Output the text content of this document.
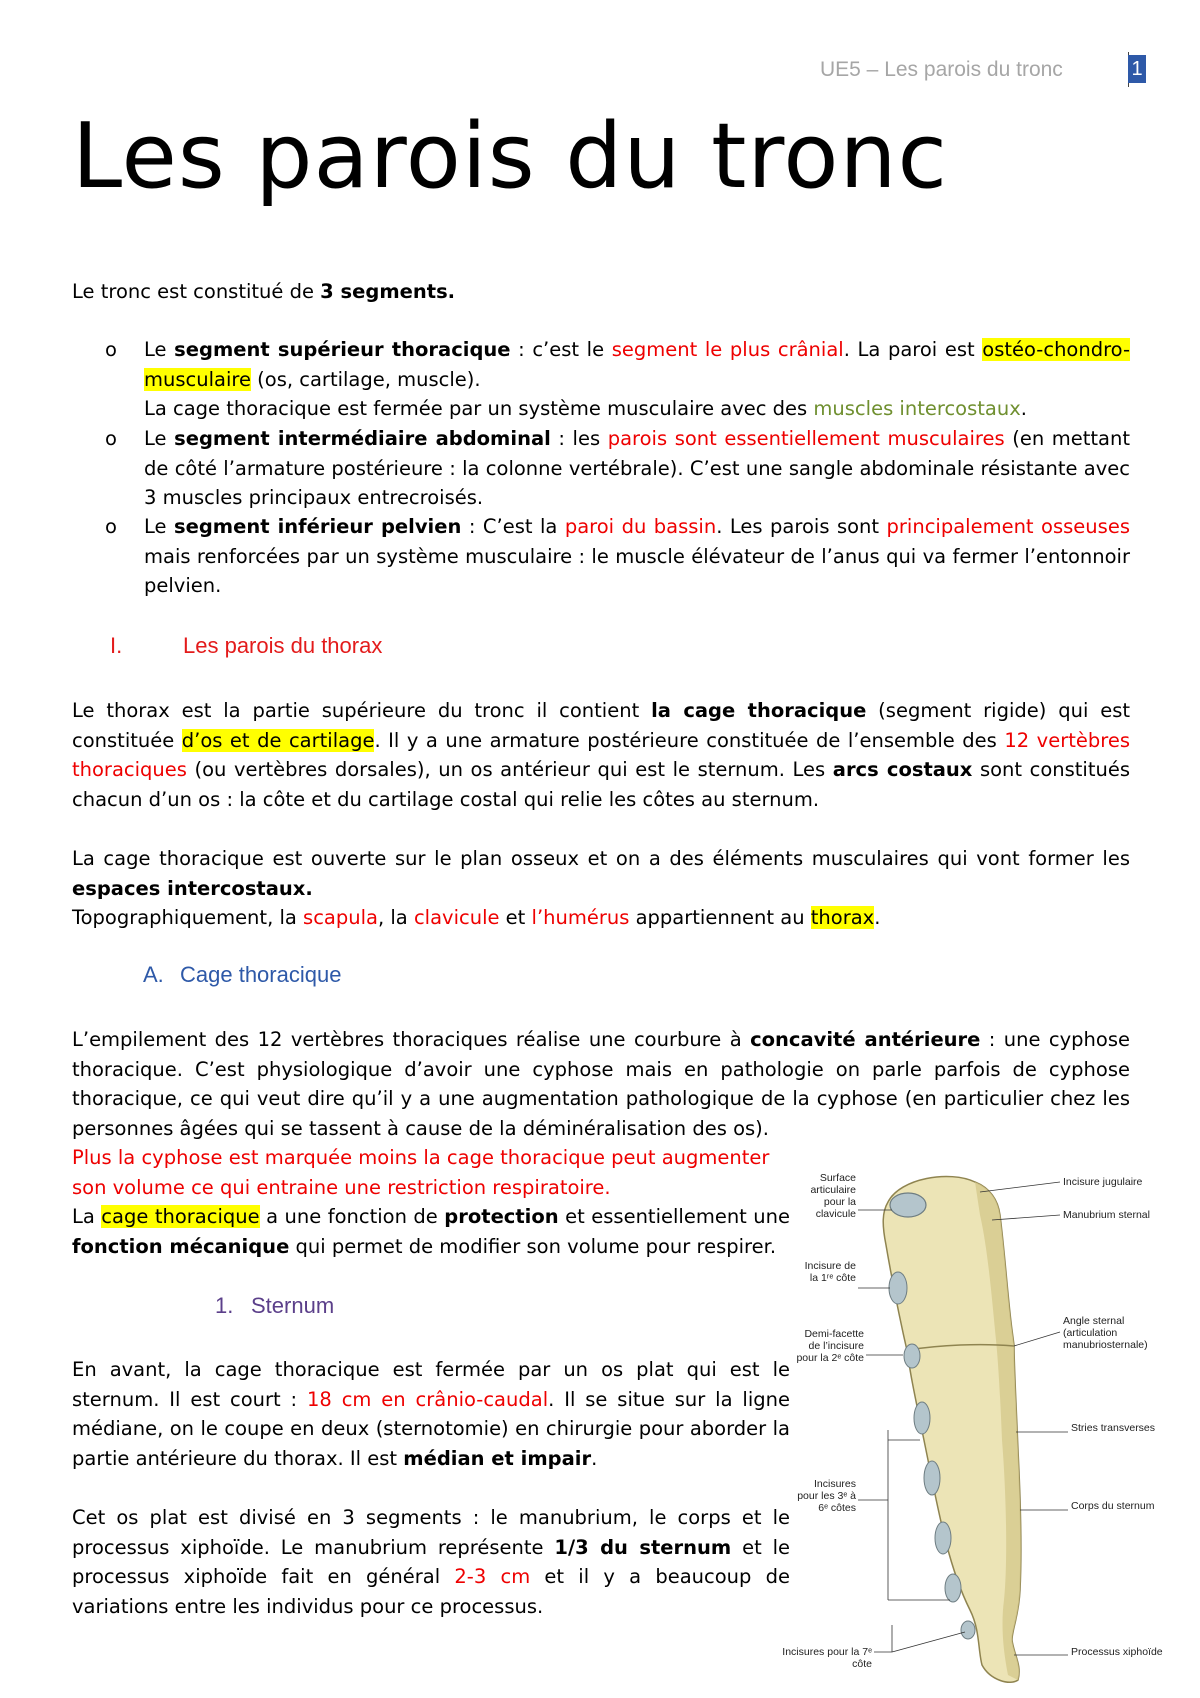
UE5 – Les parois du tronc	1
Les parois du tronc
Le tronc est constitué de 3 segments.
o Le segment supérieur thoracique : c’est le segment le plus crânial. La paroi est ostéo-chondro-musculaire (os, cartilage, muscle).
La cage thoracique est fermée par un système musculaire avec des muscles intercostaux.
o Le segment intermédiaire abdominal : les parois sont essentiellement musculaires (en mettant de côté l’armature postérieure : la colonne vertébrale). C’est une sangle abdominale résistante avec 3 muscles principaux entrecroisés.
o Le segment inférieur pelvien : C’est la paroi du bassin. Les parois sont principalement osseuses mais renforcées par un système musculaire : le muscle élévateur de l’anus qui va fermer l’entonnoir pelvien.
I.	Les parois du thorax
Le thorax est la partie supérieure du tronc il contient la cage thoracique (segment rigide) qui est constituée d’os et de cartilage. Il y a une armature postérieure constituée de l’ensemble des 12 vertèbres thoraciques (ou vertèbres dorsales), un os antérieur qui est le sternum. Les arcs costaux sont constitués chacun d’un os : la côte et du cartilage costal qui relie les côtes au sternum.
La cage thoracique est ouverte sur le plan osseux et on a des éléments musculaires qui vont former les espaces intercostaux.
Topographiquement, la scapula, la clavicule et l’humérus appartiennent au thorax.
A. Cage thoracique
L’empilement des 12 vertèbres thoraciques réalise une courbure à concavité antérieure : une cyphose thoracique. C’est physiologique d’avoir une cyphose mais en pathologie on parle parfois de cyphose thoracique, ce qui veut dire qu’il y a une augmentation pathologique de la cyphose (en particulier chez les personnes âgées qui se tassent à cause de la déminéralisation des os).
Plus la cyphose est marquée moins la cage thoracique peut augmenter son volume ce qui entraine une restriction respiratoire.
La cage thoracique a une fonction de protection et essentiellement une fonction mécanique qui permet de modifier son volume pour respirer.
1. Sternum
En avant, la cage thoracique est fermée par un os plat qui est le sternum. Il est court : 18 cm en crânio-caudal. Il se situe sur la ligne médiane, on le coupe en deux (sternotomie) en chirurgie pour aborder la partie antérieure du thorax. Il est médian et impair.
Cet os plat est divisé en 3 segments : le manubrium, le corps et le processus xiphoïde. Le manubrium représente 1/3 du sternum et le processus xiphoïde fait en général 2-3 cm et il y a beaucoup de variations entre les individus pour ce processus.
Surface articulaire pour la clavicule
Incisure de la 1ʳᵉ côte
Demi-facette de l’incisure pour la 2ᵉ côte
Incisures pour les 3ᵉ à 6ᵉ côtes
Incisures pour la 7ᵉ côte
Incisure jugulaire
Manubrium sternal
Angle sternal (articulation manubriosternale)
Stries transverses
Corps du sternum
Processus xiphoïde
